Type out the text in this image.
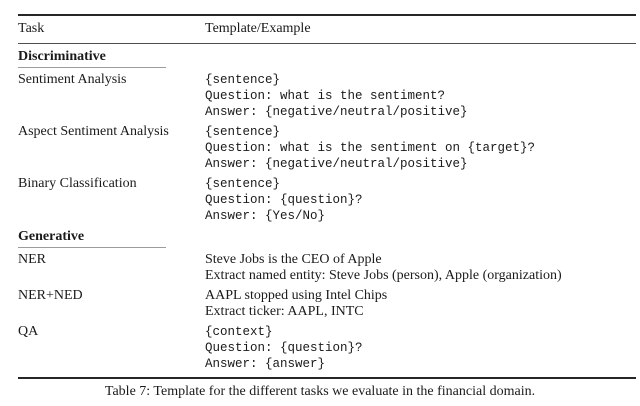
Task	Template/Example
Discriminative
Sentiment Analysis	{sentence}
Question: what is the sentiment?
Answer: {negative/neutral/positive}
Aspect Sentiment Analysis	{sentence}
Question: what is the sentiment on {target}?
Answer: {negative/neutral/positive}
Binary Classification	{sentence}
Question: {question}?
Answer: {Yes/No}
Generative
NER	Steve Jobs is the CEO of Apple
Extract named entity: Steve Jobs (person), Apple (organization)
NER+NED	AAPL stopped using Intel Chips
Extract ticker: AAPL, INTC
QA	{context}
Question: {question}?
Answer: {answer}
Table 7: Template for the different tasks we evaluate in the financial domain.
